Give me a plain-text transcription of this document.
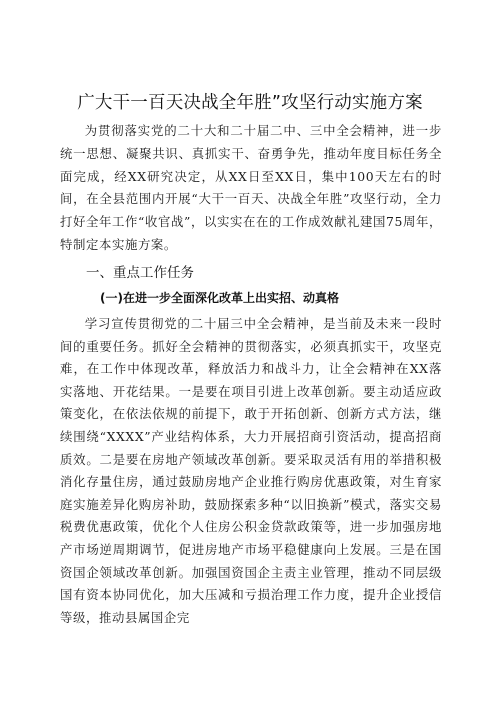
广大干一百天决战全年胜”攻坚行动实施方案
为贯彻落实党的二十大和二十届二中、三中全会精神，进一步统一思想、凝聚共识、真抓实干、奋勇争先，推动年度目标任务全面完成，经XX研究决定，从XX日至XX日，集中100天左右的时间，在全县范围内开展“大干一百天、决战全年胜”攻坚行动，全力打好全年工作“收官战”，以实实在在的工作成效献礼建国75周年，特制定本实施方案。
一、重点工作任务
(一)在进一步全面深化改革上出实招、动真格
学习宣传贯彻党的二十届三中全会精神，是当前及未来一段时间的重要任务。抓好全会精神的贯彻落实，必须真抓实干，攻坚克难，在工作中体现改革，释放活力和战斗力，让全会精神在XX落实落地、开花结果。一是要在项目引进上改革创新。要主动适应政策变化，在依法依规的前提下，敢于开拓创新、创新方式方法，继续围绕“XXXX”产业结构体系，大力开展招商引资活动，提高招商质效。二是要在房地产领域改革创新。要采取灵活有用的举措积极消化存量住房，通过鼓励房地产企业推行购房优惠政策，对生育家庭实施差异化购房补助，鼓励探索多种“以旧换新”模式，落实交易税费优惠政策，优化个人住房公积金贷款政策等，进一步加强房地产市场逆周期调节，促进房地产市场平稳健康向上发展。三是在国资国企领域改革创新。加强国资国企主责主业管理，推动不同层级国有资本协同优化，加大压减和亏损治理工作力度，提升企业授信等级，推动县属国企完
